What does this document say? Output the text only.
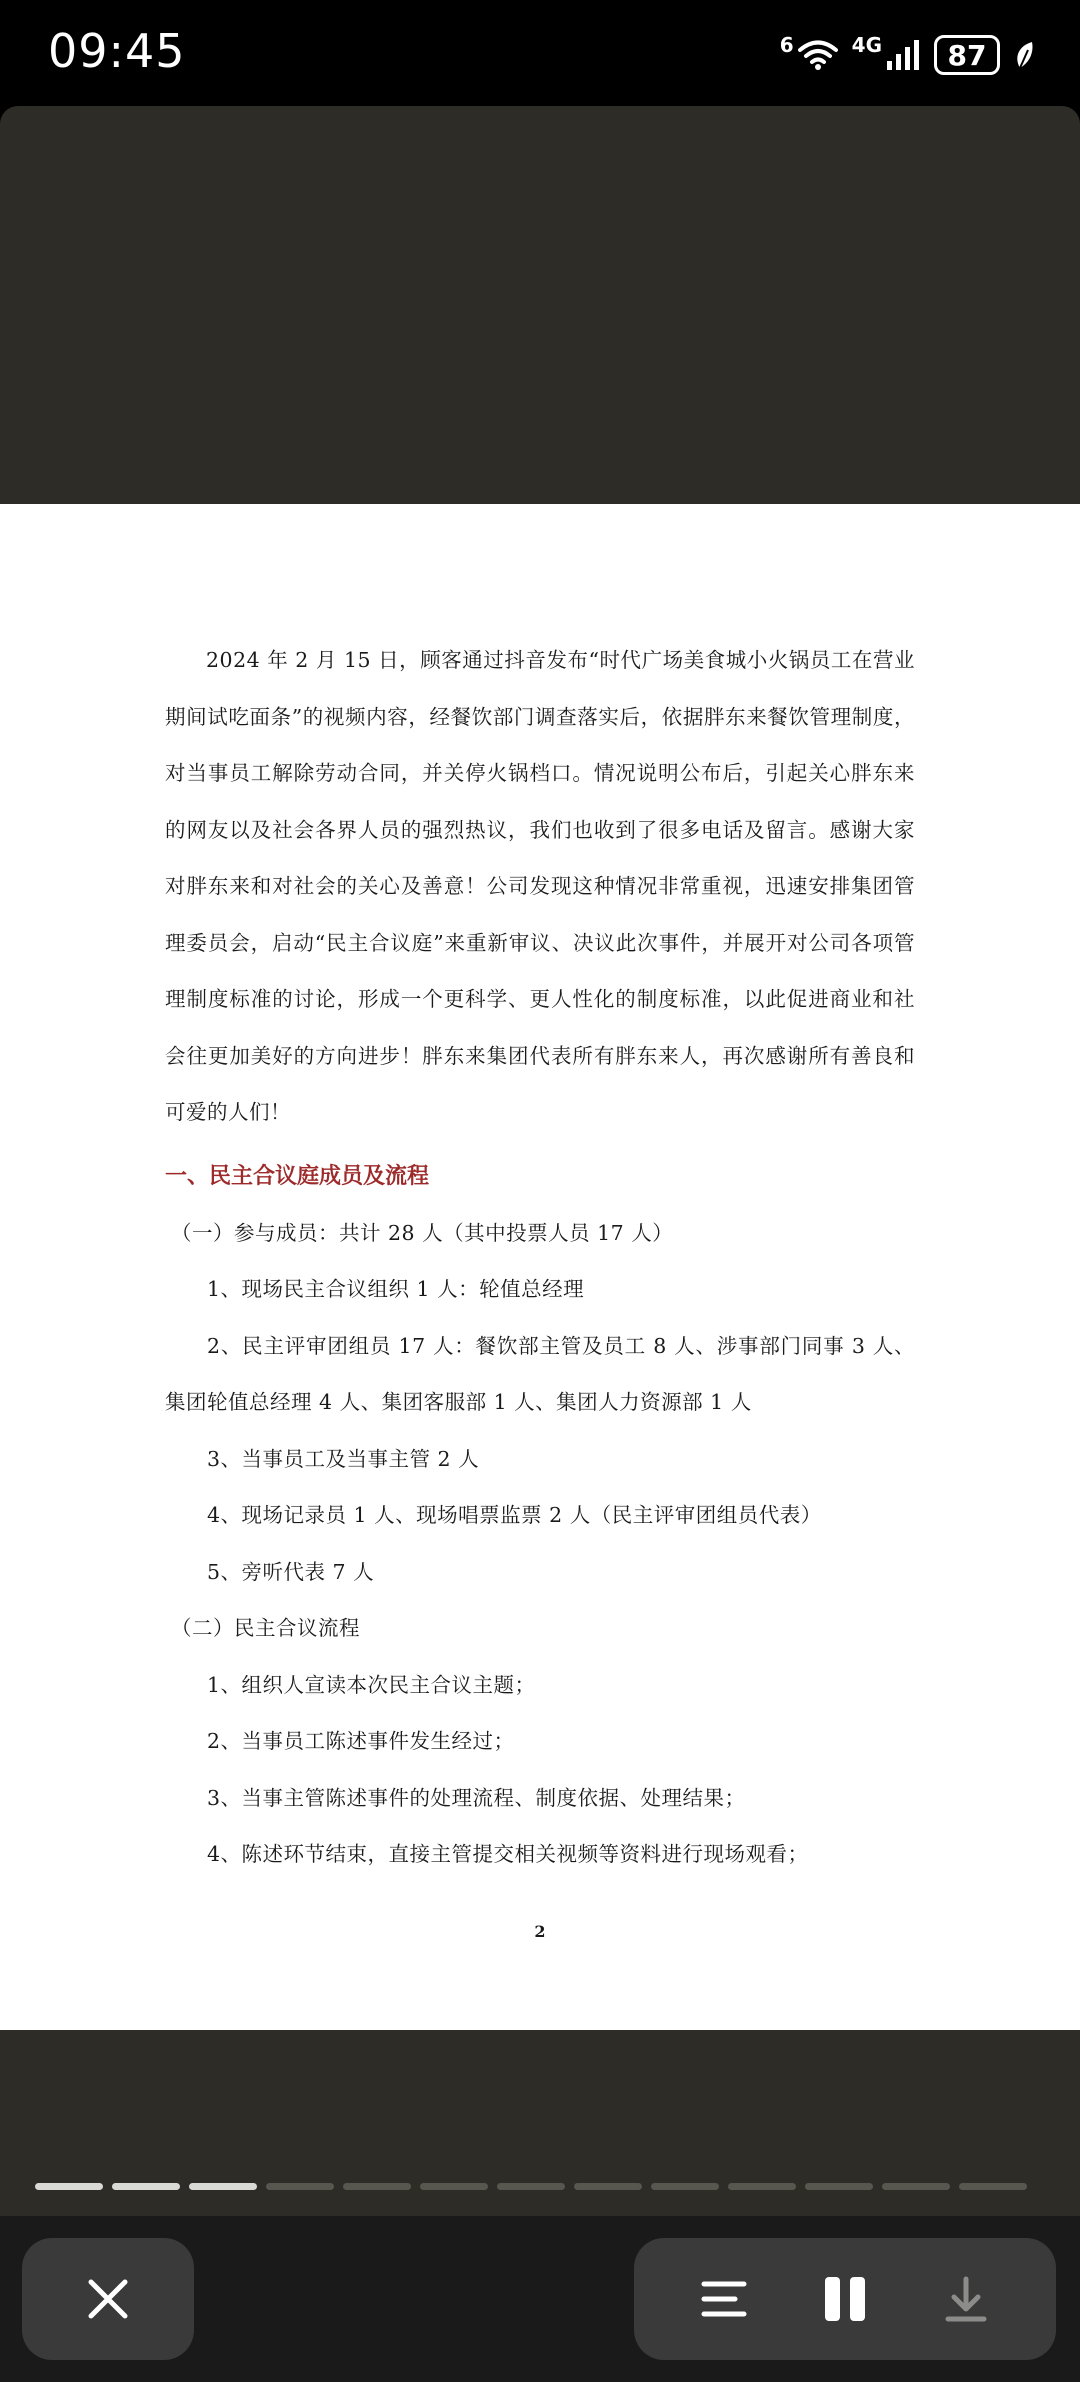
09:45	6	4G 87

2024 年 2 月 15 日，顾客通过抖音发布“时代广场美食城小火锅员工在营业期间试吃面条”的视频内容，经餐饮部门调查落实后，依据胖东来餐饮管理制度，对当事员工解除劳动合同，并关停火锅档口。情况说明公布后，引起关心胖东来的网友以及社会各界人员的强烈热议，我们也收到了很多电话及留言。感谢大家对胖东来和对社会的关心及善意！公司发现这种情况非常重视，迅速安排集团管理委员会，启动“民主合议庭”来重新审议、决议此次事件，并展开对公司各项管理制度标准的讨论，形成一个更科学、更人性化的制度标准，以此促进商业和社会往更加美好的方向进步！胖东来集团代表所有胖东来人，再次感谢所有善良和可爱的人们！

一、民主合议庭成员及流程

（一）参与成员：共计 28 人（其中投票人员 17 人）

1、现场民主合议组织 1 人：轮值总经理

2、民主评审团组员 17 人：餐饮部主管及员工 8 人、涉事部门同事 3 人、集团轮值总经理 4 人、集团客服部 1 人、集团人力资源部 1 人

3、当事员工及当事主管 2 人

4、现场记录员 1 人、现场唱票监票 2 人（民主评审团组员代表）

5、旁听代表 7 人

（二）民主合议流程

1、组织人宣读本次民主合议主题；

2、当事员工陈述事件发生经过；

3、当事主管陈述事件的处理流程、制度依据、处理结果；

4、陈述环节结束，直接主管提交相关视频等资料进行现场观看；

2
